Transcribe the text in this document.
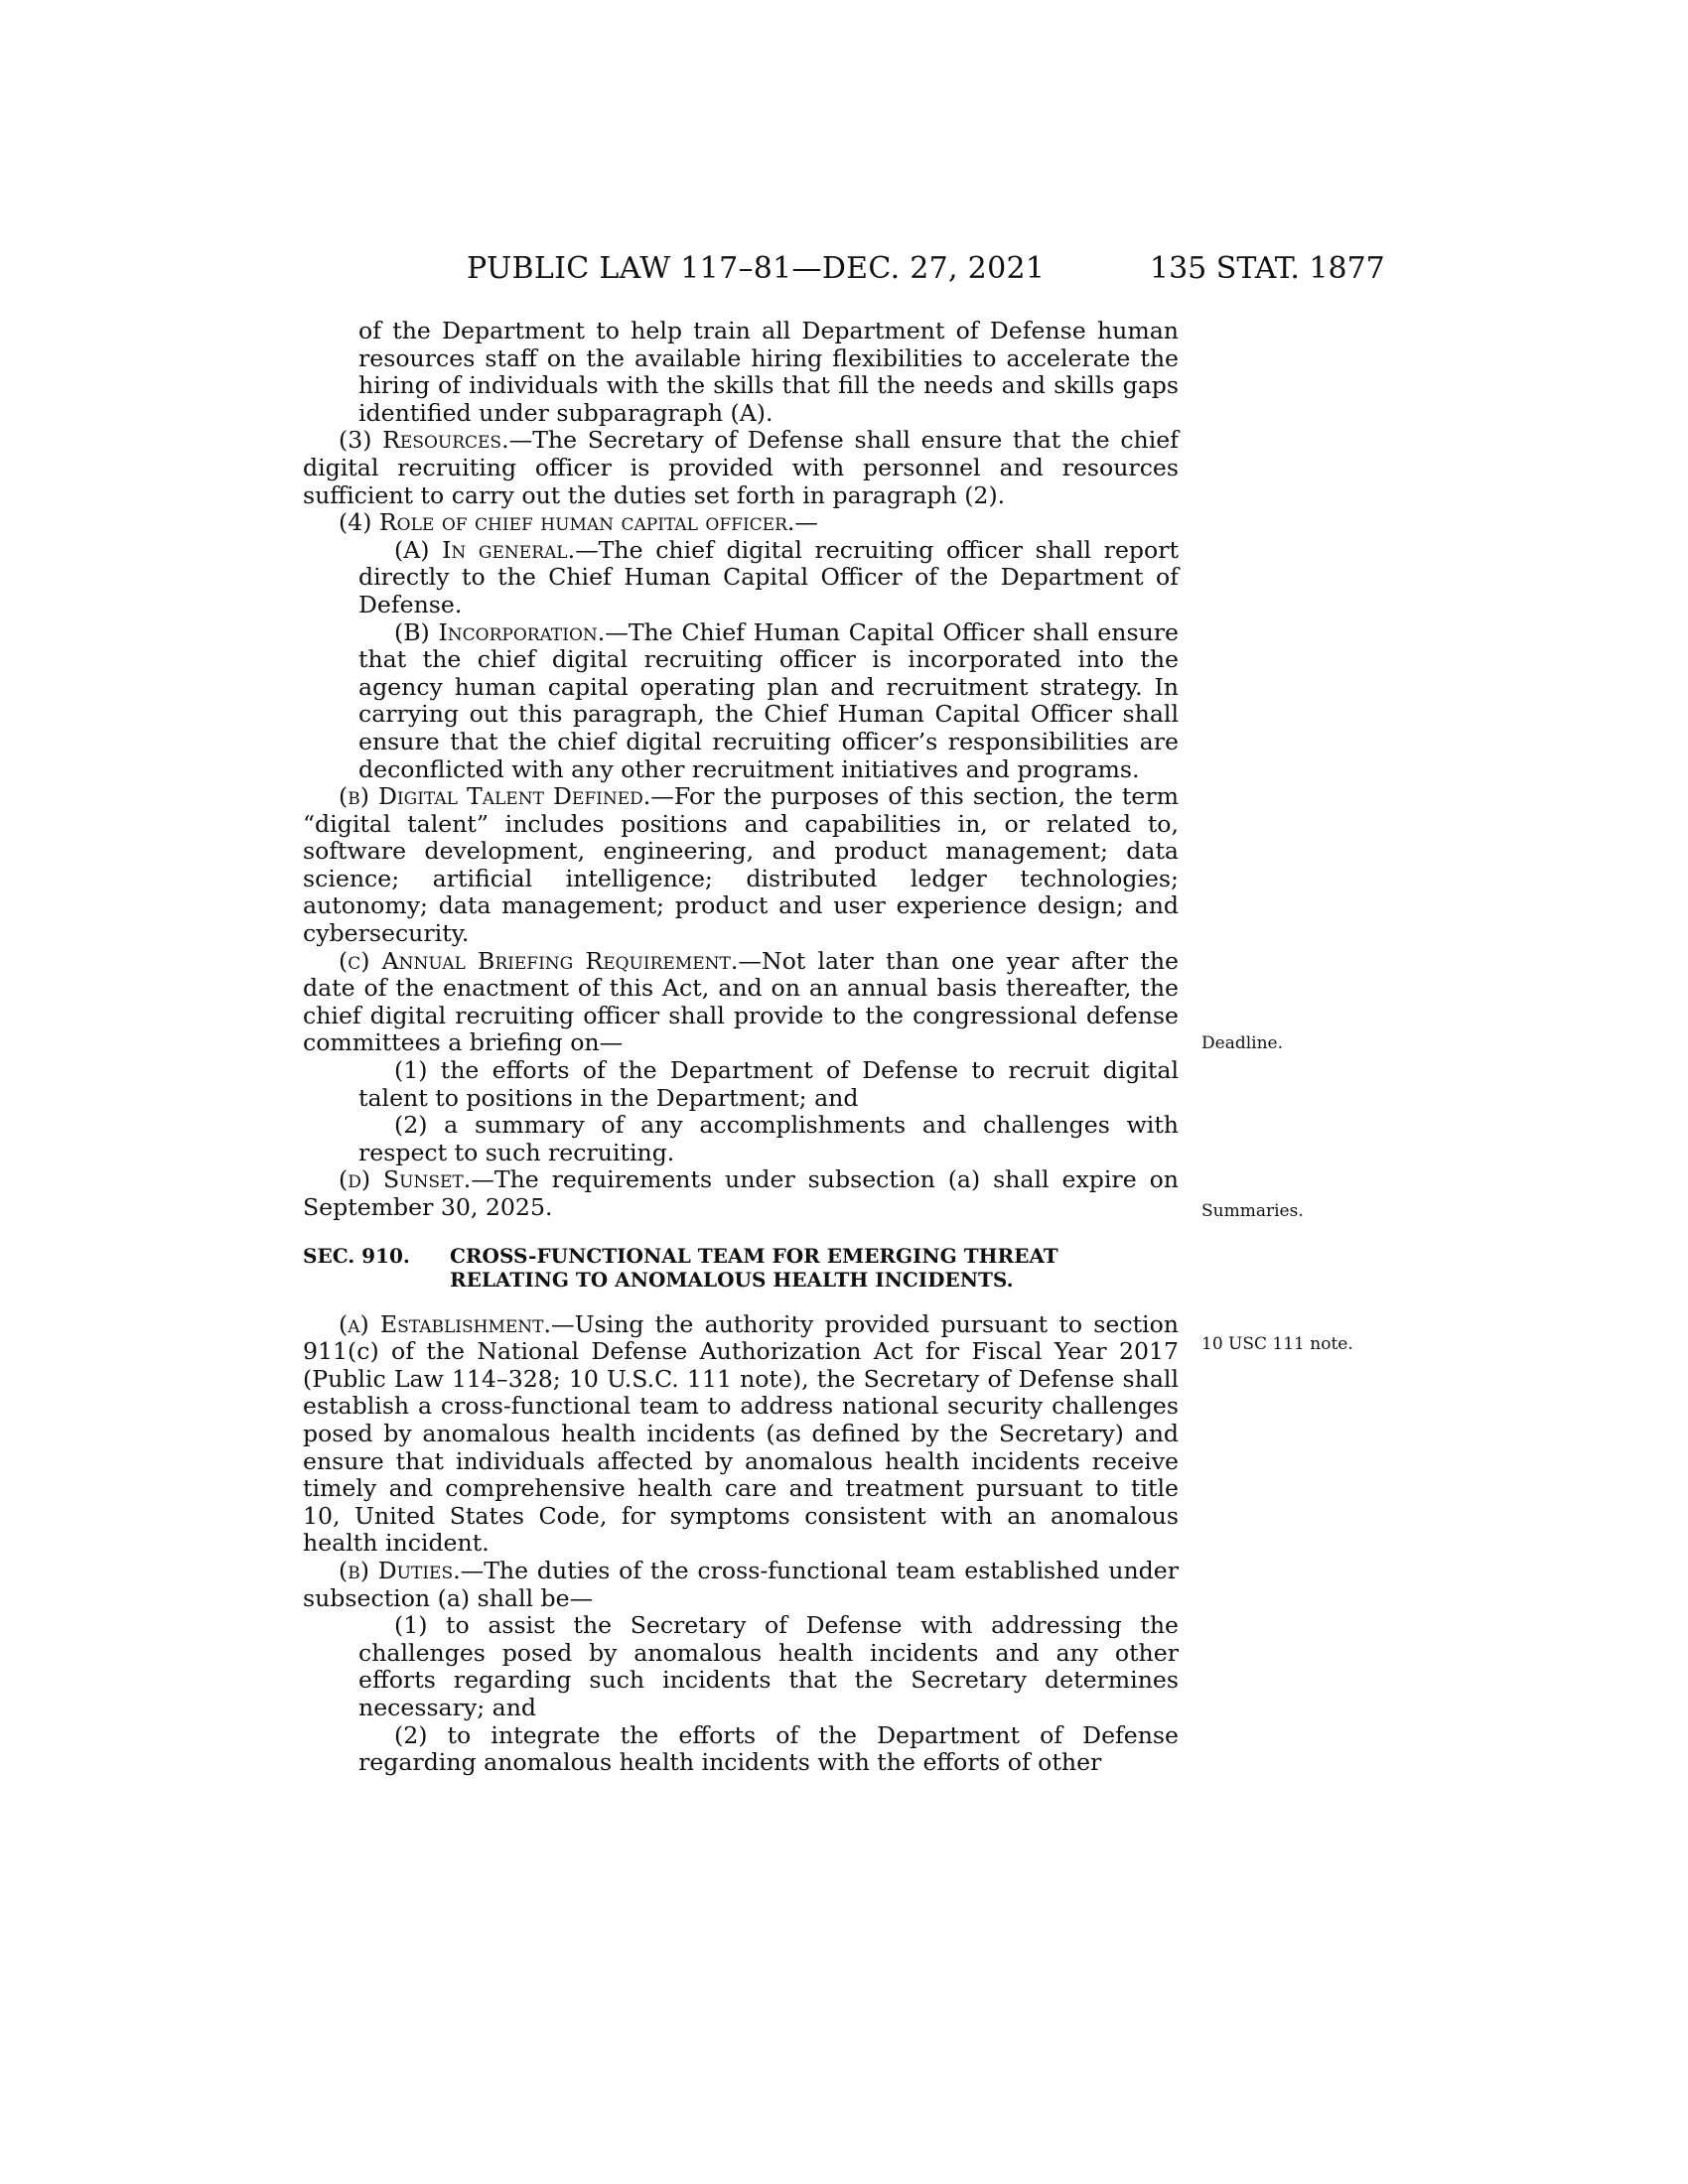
PUBLIC LAW 117–81—DEC. 27, 2021	135 STAT. 1877
Deadline.
Summaries.
10 USC 111 note.

of the Department to help train all Department of Defense human resources staff on the available hiring flexibilities to accelerate the hiring of individuals with the skills that fill the needs and skills gaps identified under subparagraph (A).

(3) Resources.—The Secretary of Defense shall ensure that the chief digital recruiting officer is provided with personnel and resources sufficient to carry out the duties set forth in paragraph (2).

(4) Role of chief human capital officer.—

(A) In general.—The chief digital recruiting officer shall report directly to the Chief Human Capital Officer of the Department of Defense.

(B) Incorporation.—The Chief Human Capital Officer shall ensure that the chief digital recruiting officer is incorporated into the agency human capital operating plan and recruitment strategy. In carrying out this paragraph, the Chief Human Capital Officer shall ensure that the chief digital recruiting officer’s responsibilities are deconflicted with any other recruitment initiatives and programs.

(b) Digital Talent Defined.—For the purposes of this section, the term “digital talent” includes positions and capabilities in, or related to, software development, engineering, and product management; data science; artificial intelligence; distributed ledger technologies; autonomy; data management; product and user experience design; and cybersecurity.

(c) Annual Briefing Requirement.—Not later than one year after the date of the enactment of this Act, and on an annual basis thereafter, the chief digital recruiting officer shall provide to the congressional defense committees a briefing on—

(1) the efforts of the Department of Defense to recruit digital talent to positions in the Department; and

(2) a summary of any accomplishments and challenges with respect to such recruiting.

(d) Sunset.—The requirements under subsection (a) shall expire on September 30, 2025.

SEC. 910. CROSS-FUNCTIONAL TEAM FOR EMERGING THREAT RELATING TO ANOMALOUS HEALTH INCIDENTS.

(a) Establishment.—Using the authority provided pursuant to section 911(c) of the National Defense Authorization Act for Fiscal Year 2017 (Public Law 114–328; 10 U.S.C. 111 note), the Secretary of Defense shall establish a cross-functional team to address national security challenges posed by anomalous health incidents (as defined by the Secretary) and ensure that individuals affected by anomalous health incidents receive timely and comprehensive health care and treatment pursuant to title 10, United States Code, for symptoms consistent with an anomalous health incident.

(b) Duties.—The duties of the cross-functional team established under subsection (a) shall be—

(1) to assist the Secretary of Defense with addressing the challenges posed by anomalous health incidents and any other efforts regarding such incidents that the Secretary determines necessary; and

(2) to integrate the efforts of the Department of Defense regarding anomalous health incidents with the efforts of other
